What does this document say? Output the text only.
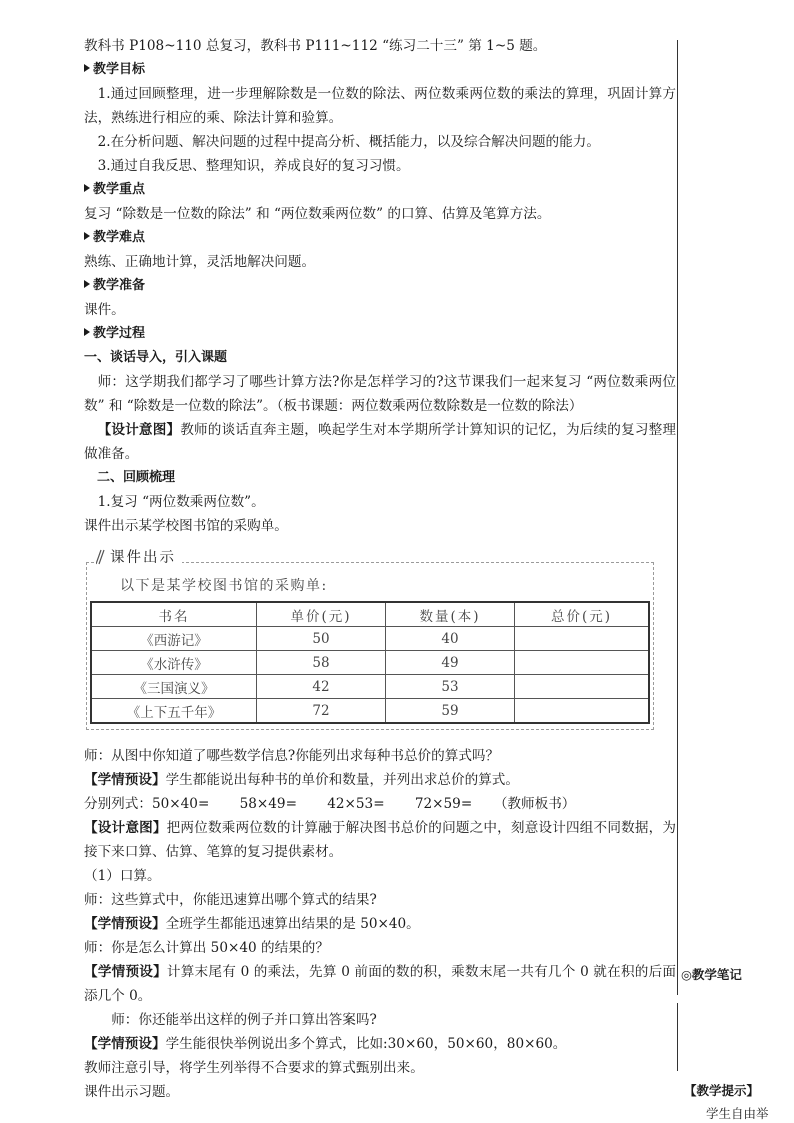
教科书 P108~110 总复习，教科书 P111~112 “练习二十三” 第 1~5 题。

教学目标

1.通过回顾整理，进一步理解除数是一位数的除法、两位数乘两位数的乘法的算理，巩固计算方法，熟练进行相应的乘、除法计算和验算。

2.在分析问题、解决问题的过程中提高分析、概括能力，以及综合解决问题的能力。

3.通过自我反思、整理知识，养成良好的复习习惯。

教学重点

复习 “除数是一位数的除法” 和 “两位数乘两位数” 的口算、估算及笔算方法。

教学难点

熟练、正确地计算，灵活地解决问题。

教学准备

课件。

教学过程

一、谈话导入，引入课题

师：这学期我们都学习了哪些计算方法?你是怎样学习的?这节课我们一起来复习 “两位数乘两位数” 和 “除数是一位数的除法”。（板书课题：两位数乘两位数除数是一位数的除法）

【设计意图】教师的谈话直奔主题，唤起学生对本学期所学计算知识的记忆，为后续的复习整理做准备。

二、回顾梳理

1.复习 “两位数乘两位数”。

课件出示某学校图书馆的采购单。

师：从图中你知道了哪些数学信息?你能列出求每种书总价的算式吗？

【学情预设】学生都能说出每种书的单价和数量，并列出求总价的算式。

分别列式：50×40=       58×49=       42×53=       72×59=     （教师板书）

【设计意图】把两位数乘两位数的计算融于解决图书总价的问题之中，刻意设计四组不同数据，为接下来口算、估算、笔算的复习提供素材。

（1）口算。

师：这些算式中，你能迅速算出哪个算式的结果?

【学情预设】全班学生都能迅速算出结果的是 50×40。

师：你是怎么计算出 50×40 的结果的？

【学情预设】计算末尾有 0 的乘法，先算 0 前面的数的积，乘数末尾一共有几个 0 就在积的后面添几个 0。

师：你还能举出这样的例子并口算出答案吗?

【学情预设】学生能很快举例说出多个算式，比如:30×60，50×60，80×60。

教师注意引导，将学生列举得不合要求的算式甄别出来。

课件出示习题。

课件出示
以下是某学校图书馆的采购单:
书名	单价(元)	数量(本)	总价(元)
《西游记》	50	40	
《水浒传》	58	49	
《三国演义》	42	53	
《上下五千年》	72	59	
◎教学笔记
【教学提示】
学生自由举
